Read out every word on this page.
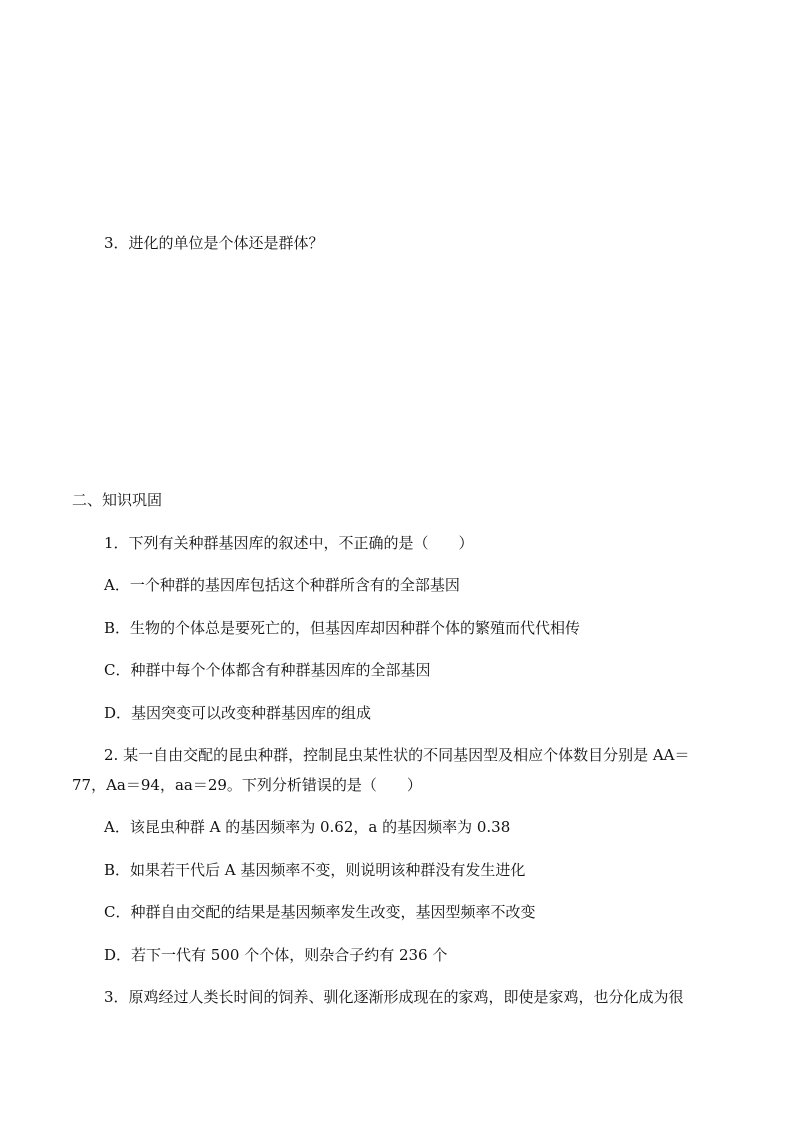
3．进化的单位是个体还是群体？
二、知识巩固
1．下列有关种群基因库的叙述中，不正确的是（　　）
A．一个种群的基因库包括这个种群所含有的全部基因
B．生物的个体总是要死亡的，但基因库却因种群个体的繁殖而代代相传
C．种群中每个个体都含有种群基因库的全部基因
D．基因突变可以改变种群基因库的组成
2. 某一自由交配的昆虫种群，控制昆虫某性状的不同基因型及相应个体数目分别是 AA＝
77，Aa＝94，aa＝29。下列分析错误的是（　　）
A．该昆虫种群 A 的基因频率为 0.62，a 的基因频率为 0.38
B．如果若干代后 A 基因频率不变，则说明该种群没有发生进化
C．种群自由交配的结果是基因频率发生改变，基因型频率不改变
D．若下一代有 500 个个体，则杂合子约有 236 个
3．原鸡经过人类长时间的饲养、驯化逐渐形成现在的家鸡，即使是家鸡，也分化成为很
